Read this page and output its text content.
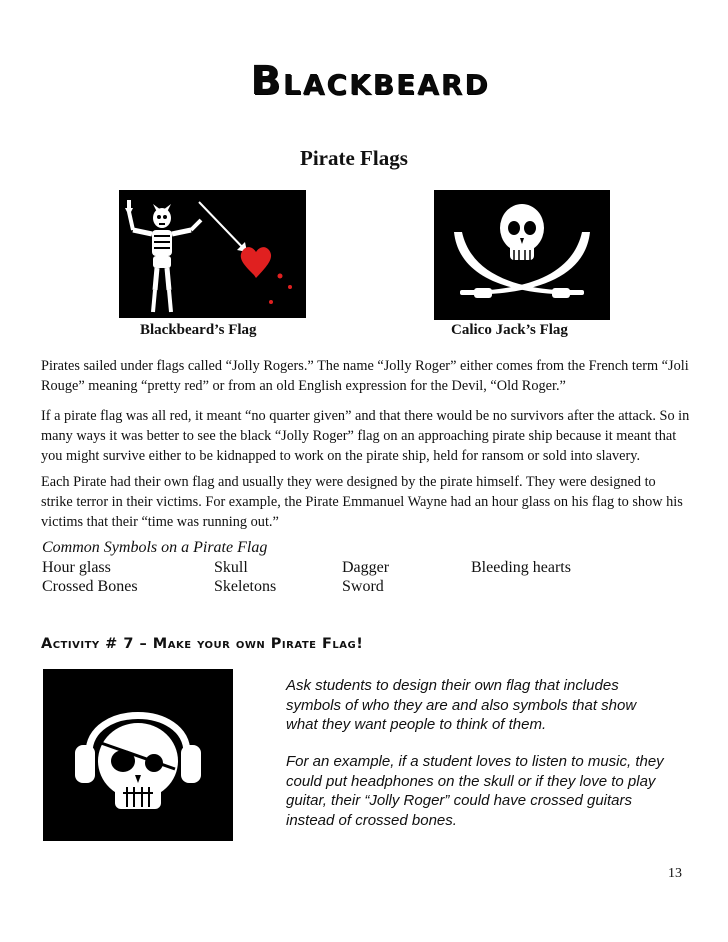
Blackbeard
Pirate Flags
Blackbeard’s Flag	Calico Jack’s Flag
Pirates sailed under flags called “Jolly Rogers.” The name “Jolly Roger” either comes from the French term “Joli Rouge” meaning “pretty red” or from an old English expression for the Devil, “Old Roger.”
If a pirate flag was all red, it meant “no quarter given” and that there would be no survivors after the attack. So in many ways it was better to see the black “Jolly Roger” flag on an approaching pirate ship because it meant that you might survive either to be kidnapped to work on the pirate ship, held for ransom or sold into slavery.
Each Pirate had their own flag and usually they were designed by the pirate himself. They were designed to strike terror in their victims. For example, the Pirate Emmanuel Wayne had an hour glass on his flag to show his victims that their “time was running out.”
Common Symbols on a Pirate Flag
Hour glass	Skull	Dagger	Bleeding hearts
Crossed Bones	Skeletons	Sword
Activity # 7 – Make your own Pirate Flag!
Ask students to design their own flag that includes symbols of who they are and also symbols that show what they want people to think of them.
For an example, if a student loves to listen to music, they could put headphones on the skull or if they love to play guitar, their “Jolly Roger” could have crossed guitars instead of crossed bones.
13
